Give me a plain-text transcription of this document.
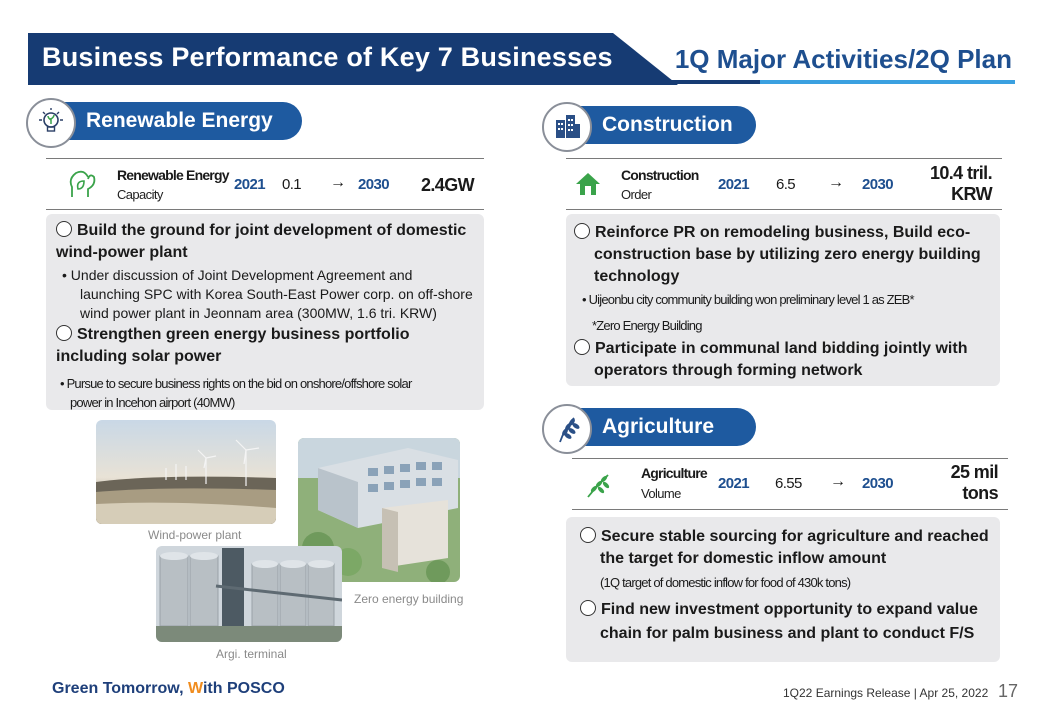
Business Performance of Key 7 Businesses 1Q Major Activities/2Q Plan
Renewable Energy
Renewable Energy
Capacity
2021 0.1 → 2030 2.4GW
Build the ground for joint development of domestic wind-power plant
• Under discussion of Joint Development Agreement and
launching SPC with Korea South-East Power corp. on off-shore
wind power plant in Jeonnam area (300MW, 1.6 tri. KRW)
Strengthen green energy business portfolio including solar power
• Pursue to secure business rights on the bid on onshore/offshore solar
power in Incehon airport (40MW)
Wind-power plant
Zero energy building
Argi. terminal
Construction
Construction
Order
2021 6.5 → 2030
10.4 tril.
KRW
Reinforce PR on remodeling business, Build eco-construction base by utilizing zero energy building technology
• Uijeonbu city community building won preliminary level 1 as ZEB*
*Zero Energy Building
Participate in communal land bidding jointly with operators through forming network
Agriculture
Agriculture
Volume
2021 6.55 → 2030
25 mil
tons
Secure stable sourcing for agriculture and reached the target for domestic inflow amount
(1Q target of domestic inflow for food of 430k tons)
Find new investment opportunity to expand value chain for palm business and plant to conduct F/S
Green Tomorrow, With POSCO	1Q22 Earnings Release | Apr 25, 2022 17
